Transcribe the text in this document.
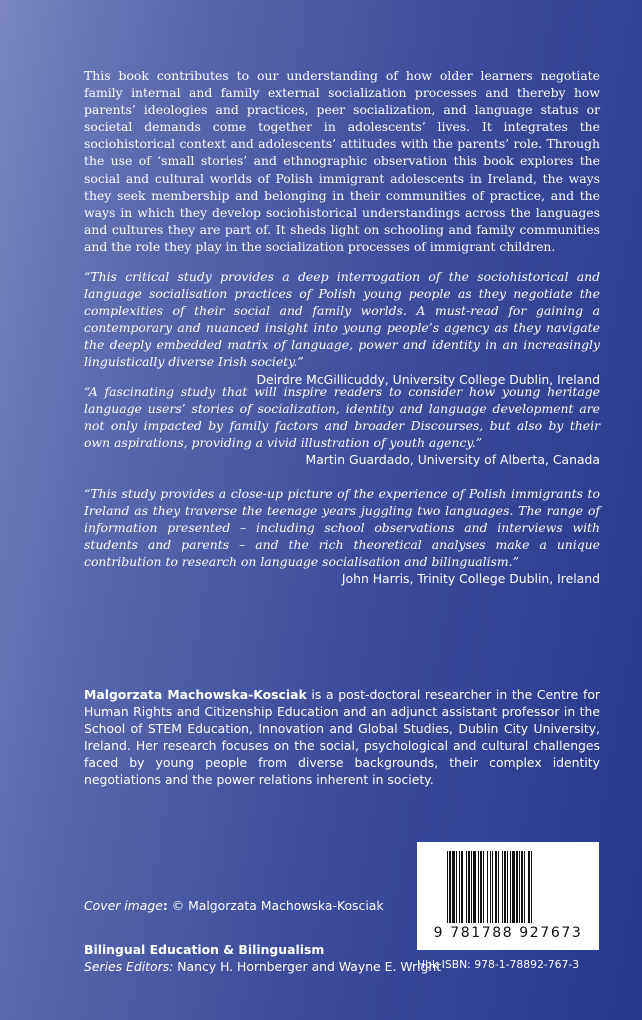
This book contributes to our understanding of how older learners negotiate family internal and family external socialization processes and thereby how parents’ ideologies and practices, peer socialization, and language status or societal demands come together in adolescents’ lives. It integrates the sociohistorical context and adolescents’ attitudes with the parents’ role. Through the use of ‘small stories’ and ethnographic observation this book explores the social and cultural worlds of Polish immigrant adolescents in Ireland, the ways they seek membership and belonging in their communities of practice, and the ways in which they develop sociohistorical understandings across the languages and cultures they are part of. It sheds light on schooling and family communities and the role they play in the socialization processes of immigrant children.
“This critical study provides a deep interrogation of the sociohistorical and language socialisation practices of Polish young people as they negotiate the complexities of their social and family worlds. A must-read for gaining a contemporary and nuanced insight into young people’s agency as they navigate the deeply embedded matrix of language, power and identity in an increasingly linguistically diverse Irish society.”
Deirdre McGillicuddy, University College Dublin, Ireland
“A fascinating study that will inspire readers to consider how young heritage language users’ stories of socialization, identity and language development are not only impacted by family factors and broader Discourses, but also by their own aspirations, providing a vivid illustration of youth agency.”
Martin Guardado, University of Alberta, Canada
“This study provides a close-up picture of the experience of Polish immigrants to Ireland as they traverse the teenage years juggling two languages. The range of information presented – including school observations and interviews with students and parents – and the rich theoretical analyses make a unique contribution to research on language socialisation and bilingualism.”
John Harris, Trinity College Dublin, Ireland
Malgorzata Machowska-Kosciak is a post-doctoral researcher in the Centre for Human Rights and Citizenship Education and an adjunct assistant professor in the School of STEM Education, Innovation and Global Studies, Dublin City University, Ireland. Her research focuses on the social, psychological and cultural challenges faced by young people from diverse backgrounds, their complex identity negotiations and the power relations inherent in society.
Cover image: © Malgorzata Machowska-Kosciak
Bilingual Education & Bilingualism
Series Editors: Nancy H. Hornberger and Wayne E. Wright
9 781788 927673
Hbk ISBN: 978-1-78892-767-3
